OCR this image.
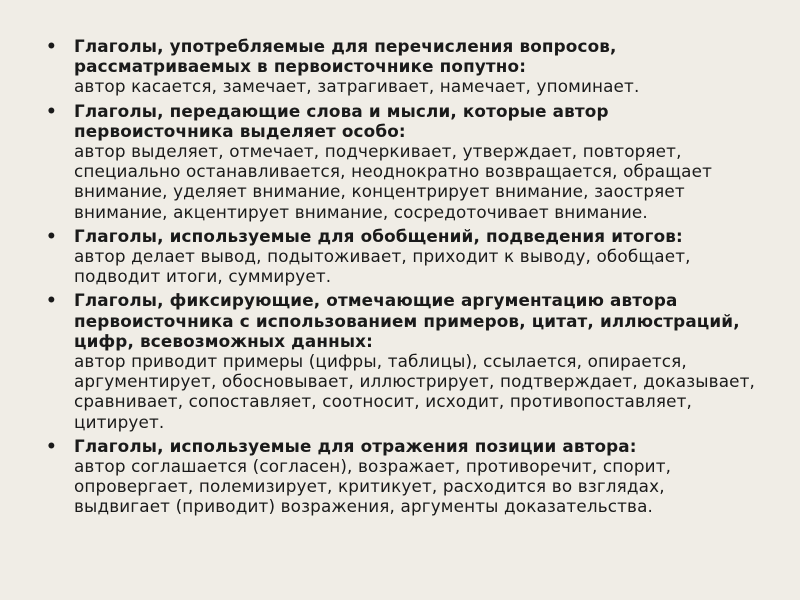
• Глаголы, употребляемые для перечисления вопросов, рассматриваемых в первоисточнике попутно:
автор касается, замечает, затрагивает, намечает, упоминает.
• Глаголы, передающие слова и мысли, которые автор первоисточника выделяет особо:
автор выделяет, отмечает, подчеркивает, утверждает, повторяет, специально останавливается, неоднократно возвращается, обращает внимание, уделяет внимание, концентрирует внимание, заостряет внимание, акцентирует внимание, сосредоточивает внимание.
• Глаголы, используемые для обобщений, подведения итогов:
автор делает вывод, подытоживает, приходит к выводу, обобщает, подводит итоги, суммирует.
• Глаголы, фиксирующие, отмечающие аргументацию автора первоисточника с использованием примеров, цитат, иллюстраций, цифр, всевозможных данных:
автор приводит примеры (цифры, таблицы), ссылается, опирается, аргументирует, обосновывает, иллюстрирует, подтверждает, доказывает, сравнивает, сопоставляет, соотносит, исходит, противопоставляет, цитирует.
• Глаголы, используемые для отражения позиции автора:
автор соглашается (согласен), возражает, противоречит, спорит, опровергает, полемизирует, критикует, расходится во взглядах, выдвигает (приводит) возражения, аргументы доказательства.
